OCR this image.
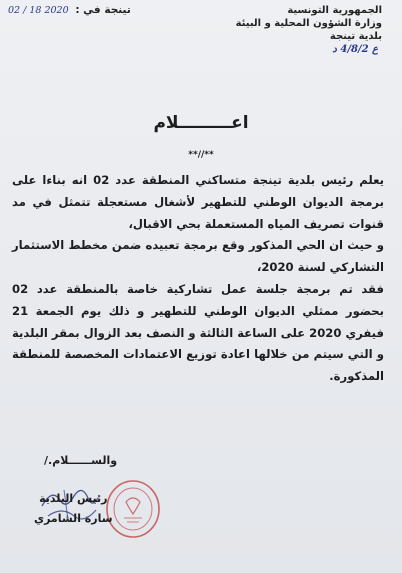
الجمهورية التونسية
وزارة الشؤون المحلية و البيئة
بلدية تينجة
ع 4/8/2 د
تينجة في : 2020 18 / 02
اعـــــــــلام
**//**

يعلم رئيس بلدية تينجة متساكني المنطقة عدد 02 انه بناءا على برمجة الديوان الوطني للتطهير لأشغال مستعجلة تتمثل في مد قنوات تصريف المياه المستعملة بحي الاقبال،

و حيث ان الحي المذكور وقع برمجة تعبيده ضمن مخطط الاستثمار التشاركي لسنة 2020،

فقد تم برمجة جلسة عمل تشاركية خاصة بالمنطقة عدد 02 بحضور ممثلي الديوان الوطني للتطهير و ذلك يوم الجمعة 21 فيفري 2020 على الساعة الثالثة و النصف بعد الزوال بمقر البلدية و التي سيتم من خلالها اعادة توزيع الاعتمادات المخصصة للمنطقة المذكورة.

والســــــلام./
رئيس البلدية
سارة الشامري
